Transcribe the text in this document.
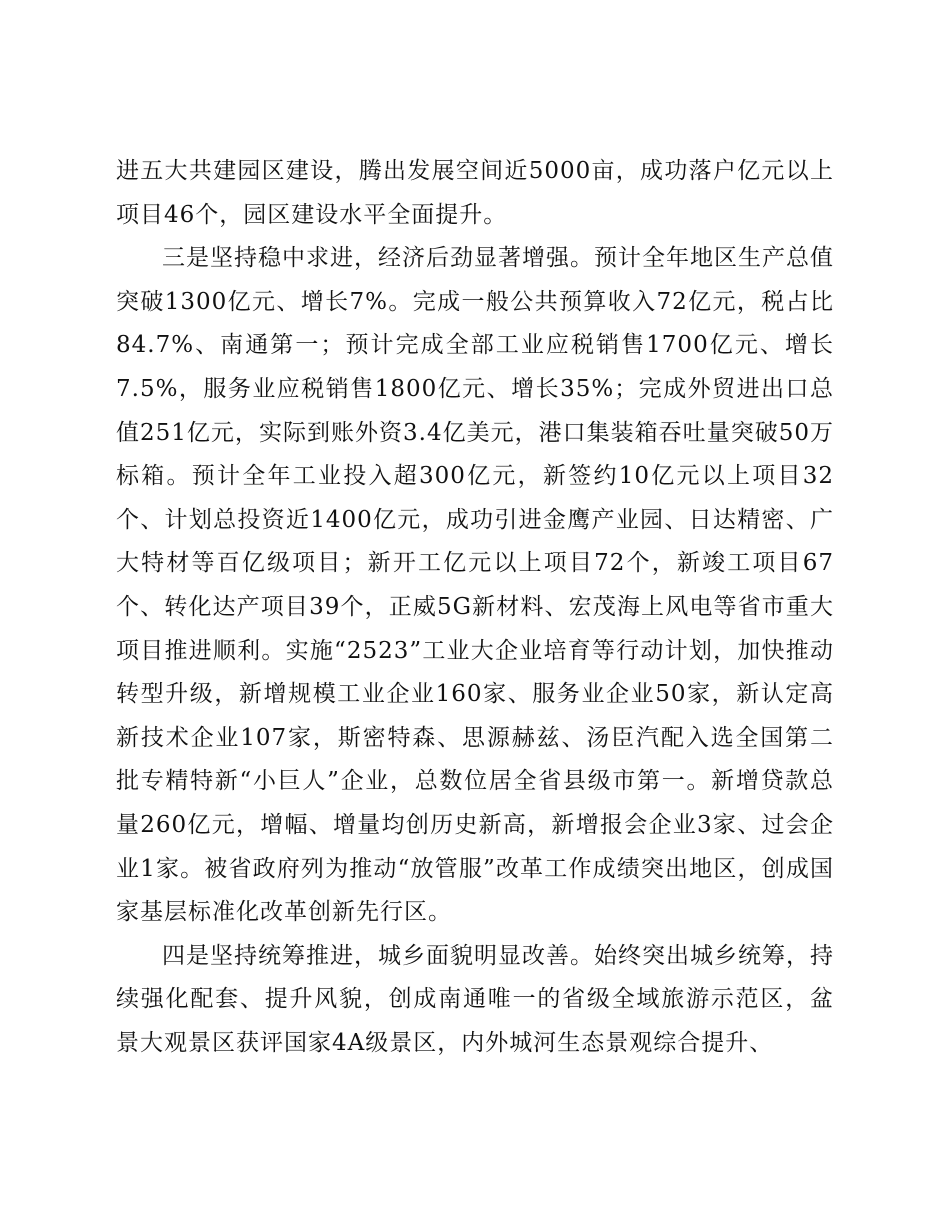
进五大共建园区建设，腾出发展空间近5000亩，成功落户亿元以上项目46个，园区建设水平全面提升。

三是坚持稳中求进，经济后劲显著增强。预计全年地区生产总值突破1300亿元、增长7%。完成一般公共预算收入72亿元，税占比84.7%、南通第一；预计完成全部工业应税销售1700亿元、增长7.5%，服务业应税销售1800亿元、增长35%；完成外贸进出口总值251亿元，实际到账外资3.4亿美元，港口集装箱吞吐量突破50万标箱。预计全年工业投入超300亿元，新签约10亿元以上项目32个、计划总投资近1400亿元，成功引进金鹰产业园、日达精密、广大特材等百亿级项目；新开工亿元以上项目72个，新竣工项目67个、转化达产项目39个，正威5G新材料、宏茂海上风电等省市重大项目推进顺利。实施“2523”工业大企业培育等行动计划，加快推动转型升级，新增规模工业企业160家、服务业企业50家，新认定高新技术企业107家，斯密特森、思源赫兹、汤臣汽配入选全国第二批专精特新“小巨人”企业，总数位居全省县级市第一。新增贷款总量260亿元，增幅、增量均创历史新高，新增报会企业3家、过会企业1家。被省政府列为推动“放管服”改革工作成绩突出地区，创成国家基层标准化改革创新先行区。

四是坚持统筹推进，城乡面貌明显改善。始终突出城乡统筹，持续强化配套、提升风貌，创成南通唯一的省级全域旅游示范区，盆景大观景区获评国家4A级景区，内外城河生态景观综合提升、
